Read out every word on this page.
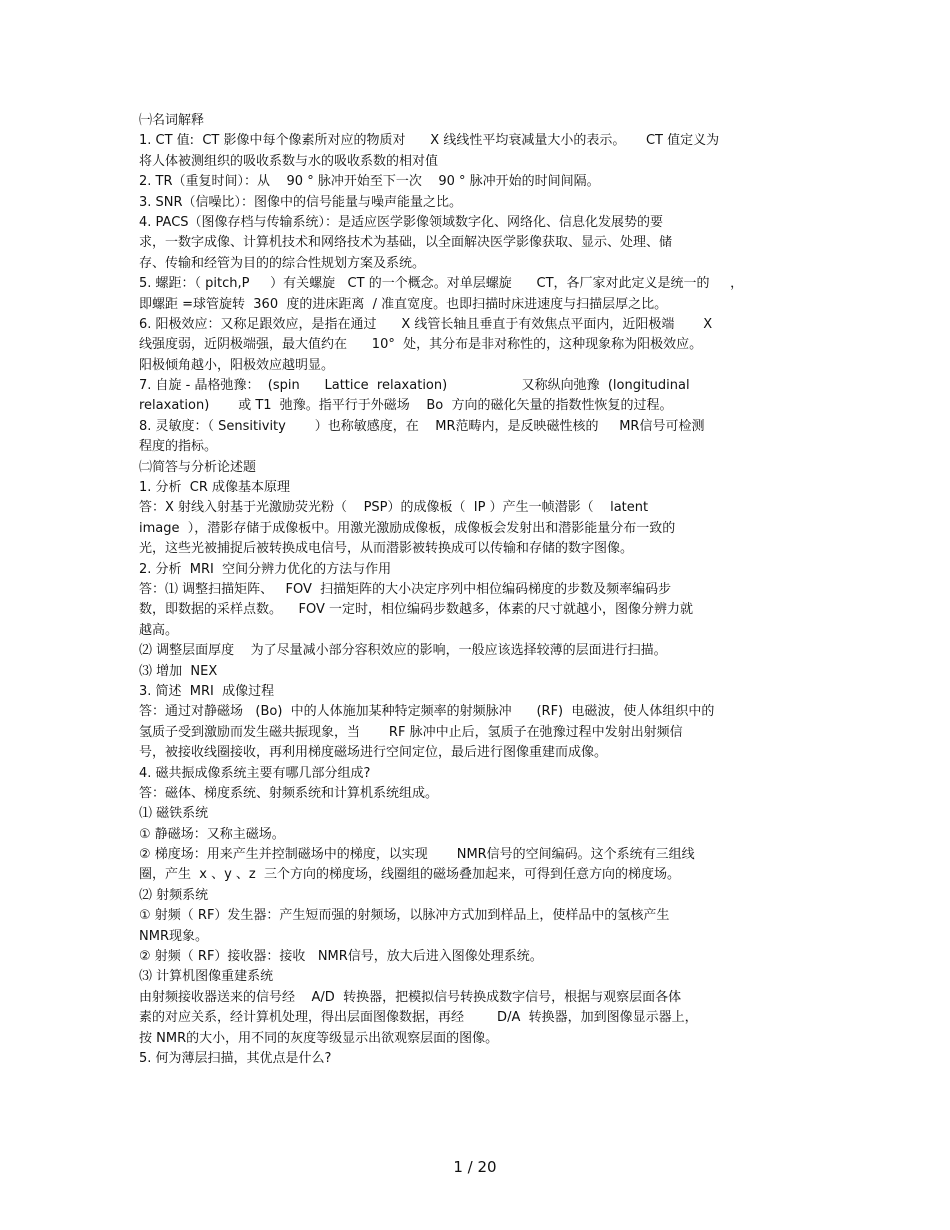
㈠名词解释
1. CT 值:  CT 影像中每个像素所对应的物质对      X 线线性平均衰减量大小的表示。     CT 值定义为
将人体被测组织的吸收系数与水的吸收系数的相对值
2. TR（重复时间）：从    90 ° 脉冲开始至下一次    90 ° 脉冲开始的时间间隔。
3. SNR（信噪比）：图像中的信号能量与噪声能量之比。
4. PACS（图像存档与传输系统）：是适应医学影像领域数字化、网络化、信息化发展势的要
求，一数字成像、计算机技术和网络技术为基础，以全面解决医学影像获取、显示、处理、储
存、传输和经管为目的的综合性规划方案及系统。
5. 螺距：（ pitch,P     ）有关螺旋   CT 的一个概念。对单层螺旋      CT，各厂家对此定义是统一的     ，
即螺距 =球管旋转  360  度的进床距离  / 准直宽度。也即扫描时床进速度与扫描层厚之比。
6. 阳极效应：又称足跟效应，是指在通过      X 线管长轴且垂直于有效焦点平面内，近阳极端       X
线强度弱，近阴极端强，最大值约在      10°  处，其分布是非对称性的，这种现象称为阳极效应。
阳极倾角越小，阳极效应越明显。
7. 自旋 - 晶格弛豫：  (spin      Lattice  relaxation)                  又称纵向弛豫  (longitudinal
relaxation)       或 T1  弛豫。指平行于外磁场    Bo  方向的磁化矢量的指数性恢复的过程。
8. 灵敏度：（ Sensitivity       ）也称敏感度，在    MR范畴内，是反映磁性核的     MR信号可检测
程度的指标。
㈡简答与分析论述题
1. 分析  CR 成像基本原理
答：X 射线入射基于光激励荧光粉（    PSP）的成像板（  IP ）产生一帧潜影（    latent
image  ），潜影存储于成像板中。用激光激励成像板，成像板会发射出和潜影能量分布一致的
光，这些光被捕捉后被转换成电信号，从而潜影被转换成可以传输和存储的数字图像。
2. 分析  MRI  空间分辨力优化的方法与作用
答：⑴ 调整扫描矩阵、   FOV  扫描矩阵的大小决定序列中相位编码梯度的步数及频率编码步
数，即数据的采样点数。    FOV 一定时，相位编码步数越多，体素的尺寸就越小，图像分辨力就
越高。
⑵ 调整层面厚度    为了尽量减小部分容积效应的影响，一般应该选择较薄的层面进行扫描。
⑶ 增加  NEX
3. 简述  MRI  成像过程
答：通过对静磁场   (Bo)  中的人体施加某种特定频率的射频脉冲      (RF)  电磁波，使人体组织中的
氢质子受到激励而发生磁共振现象，当       RF 脉冲中止后，氢质子在弛豫过程中发射出射频信
号，被接收线圈接收，再利用梯度磁场进行空间定位，最后进行图像重建而成像。
4. 磁共振成像系统主要有哪几部分组成?
答：磁体、梯度系统、射频系统和计算机系统组成。
⑴ 磁铁系统
① 静磁场：又称主磁场。
② 梯度场：用来产生并控制磁场中的梯度，以实现       NMR信号的空间编码。这个系统有三组线
圈，产生  x 、y 、z  三个方向的梯度场，线圈组的磁场叠加起来，可得到任意方向的梯度场。
⑵ 射频系统
① 射频（ RF）发生器：产生短而强的射频场，以脉冲方式加到样品上，使样品中的氢核产生
NMR现象。
② 射频（ RF）接收器：接收   NMR信号，放大后进入图像处理系统。
⑶ 计算机图像重建系统
由射频接收器送来的信号经    A/D  转换器，把模拟信号转换成数字信号，根据与观察层面各体
素的对应关系，经计算机处理，得出层面图像数据，再经        D/A  转换器，加到图像显示器上，
按 NMR的大小，用不同的灰度等级显示出欲观察层面的图像。
5. 何为薄层扫描，其优点是什么?
1 / 20
